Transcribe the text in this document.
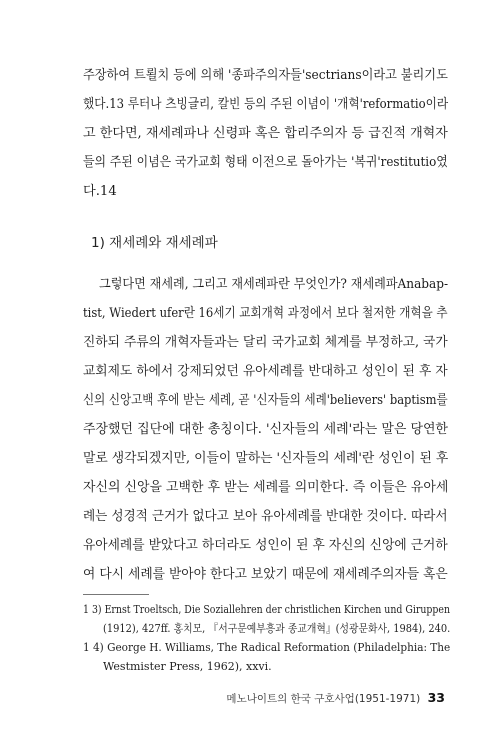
주장하여 트뢸치 등에 의해 '종파주의자들'sectrians이라고 불리기도
했다.13 루터나 츠빙글리, 칼빈 등의 주된 이념이 '개혁'reformatio이라
고 한다면, 재세례파나 신령파 혹은 합리주의자 등 급진적 개혁자
들의 주된 이념은 국가교회 형태 이전으로 돌아가는 '복귀'restitutio였
다.14
1) 재세례와 재세례파
그렇다면 재세례, 그리고 재세례파란 무엇인가? 재세례파Anabap-
tist, Wiedert ufer란 16세기 교회개혁 과정에서 보다 철저한 개혁을 추
진하되 주류의 개혁자들과는 달리 국가교회 체계를 부정하고, 국가
교회제도 하에서 강제되었던 유아세례를 반대하고 성인이 된 후 자
신의 신앙고백 후에 받는 세례, 곧 '신자들의 세례'believers' baptism를
주장했던 집단에 대한 총칭이다. '신자들의 세례'라는 말은 당연한
말로 생각되겠지만, 이들이 말하는 '신자들의 세례'란 성인이 된 후
자신의 신앙을 고백한 후 받는 세례를 의미한다. 즉 이들은 유아세
례는 성경적 근거가 없다고 보아 유아세례를 반대한 것이다. 따라서
유아세례를 받았다고 하더라도 성인이 된 후 자신의 신앙에 근거하
여 다시 세례를 받아야 한다고 보았기 때문에 재세례주의자들 혹은
1 3) Ernst Troeltsch, Die Soziallehren der christlichen Kirchen und Giruppen
(1912), 427ff. 홍치모, 『서구문예부흥과 종교개혁』(성광문화사, 1984), 240.
1 4) George H. Williams, The Radical Reformation (Philadelphia: The
Westmister Press, 1962), xxvi.
메노나이트의 한국 구호사업(1951-1971) 33
